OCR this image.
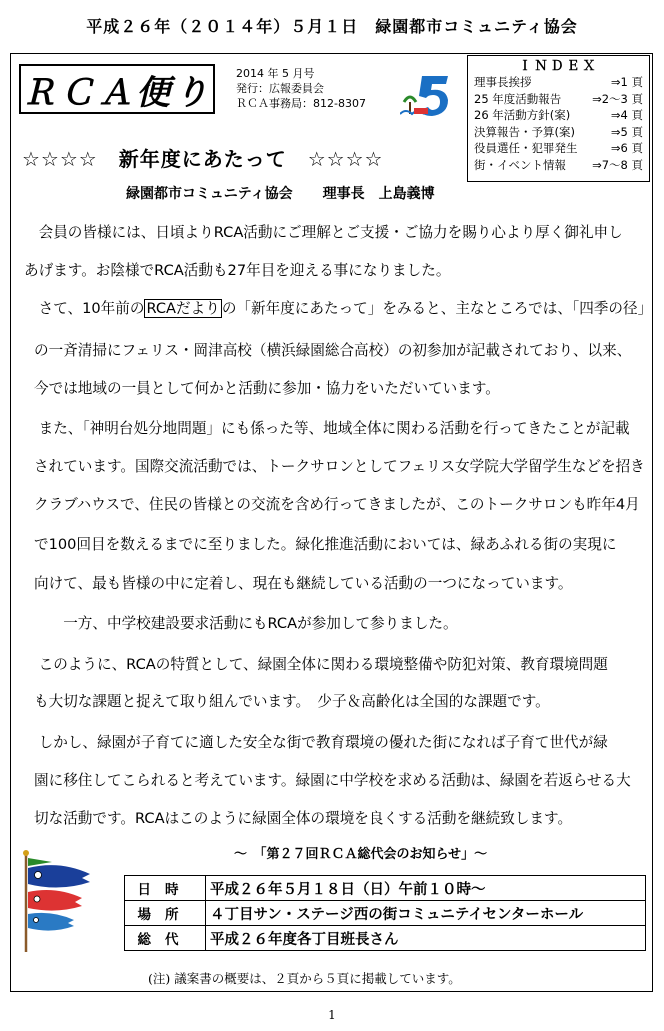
平成２６年（２０１４年）５月１日　緑園都市コミュニティ協会
ＲＣＡ便り 2014 年 5 月号
発行：広報委員会
ＲＣＡ事務局：812-8307
ＩＮＤＥＸ
理事長挨拶	⇒1 頁
25 年度活動報告	⇒2〜3 頁
26 年活動方針(案)	⇒4 頁
決算報告・予算(案)	⇒5 頁
役員選任・犯罪発生	⇒6 頁
街・イベント情報 ⇒7〜8 頁
☆☆☆☆　新年度にあたって　☆☆☆☆
緑園都市コミュニティ協会 理事長　上島義博
　会員の皆様には、日頃よりRCA活動にご理解とご支援・ご協力を賜り心より厚く御礼申し
あげます。お陰様でRCA活動も27年目を迎える事になりました。
　さて、10年前の RCAだより の「新年度にあたって」をみると、主なところでは、「四季の径」
の一斉清掃にフェリス・岡津高校（横浜緑園総合高校）の初参加が記載されており、以来、
今では地域の一員として何かと活動に参加・協力をいただいています。
　また、「神明台処分地問題」にも係った等、地域全体に関わる活動を行ってきたことが記載
されています。国際交流活動では、トークサロンとしてフェリス女学院大学留学生などを招き
クラブハウスで、住民の皆様との交流を含め行ってきましたが、このトークサロンも昨年4月
で100回目を数えるまでに至りました。緑化推進活動においては、緑あふれる街の実現に
向けて、最も皆様の中に定着し、現在も継続している活動の一つになっています。
　　一方、中学校建設要求活動にもRCAが参加して参りました。
　このように、RCAの特質として、緑園全体に関わる環境整備や防犯対策、教育環境問題
も大切な課題と捉えて取り組んでいます。　少子＆高齢化は全国的な課題です。
　しかし、緑園が子育てに適した安全な街で教育環境の優れた街になれば子育て世代が緑
園に移住してこられると考えています。緑園に中学校を求める活動は、緑園を若返らせる大
切な活動です。RCAはこのように緑園全体の環境を良くする活動を継続致します。
〜　「第２７回ＲＣＡ総代会のお知らせ」〜
日時	平成２６年５月１８日（日）午前１０時〜
場所	４丁目サン・ステージ西の街コミュニテイセンターホール
総代	平成２６年度各丁目班長さん
(注) 議案書の概要は、２頁から５頁に掲載しています。
1
